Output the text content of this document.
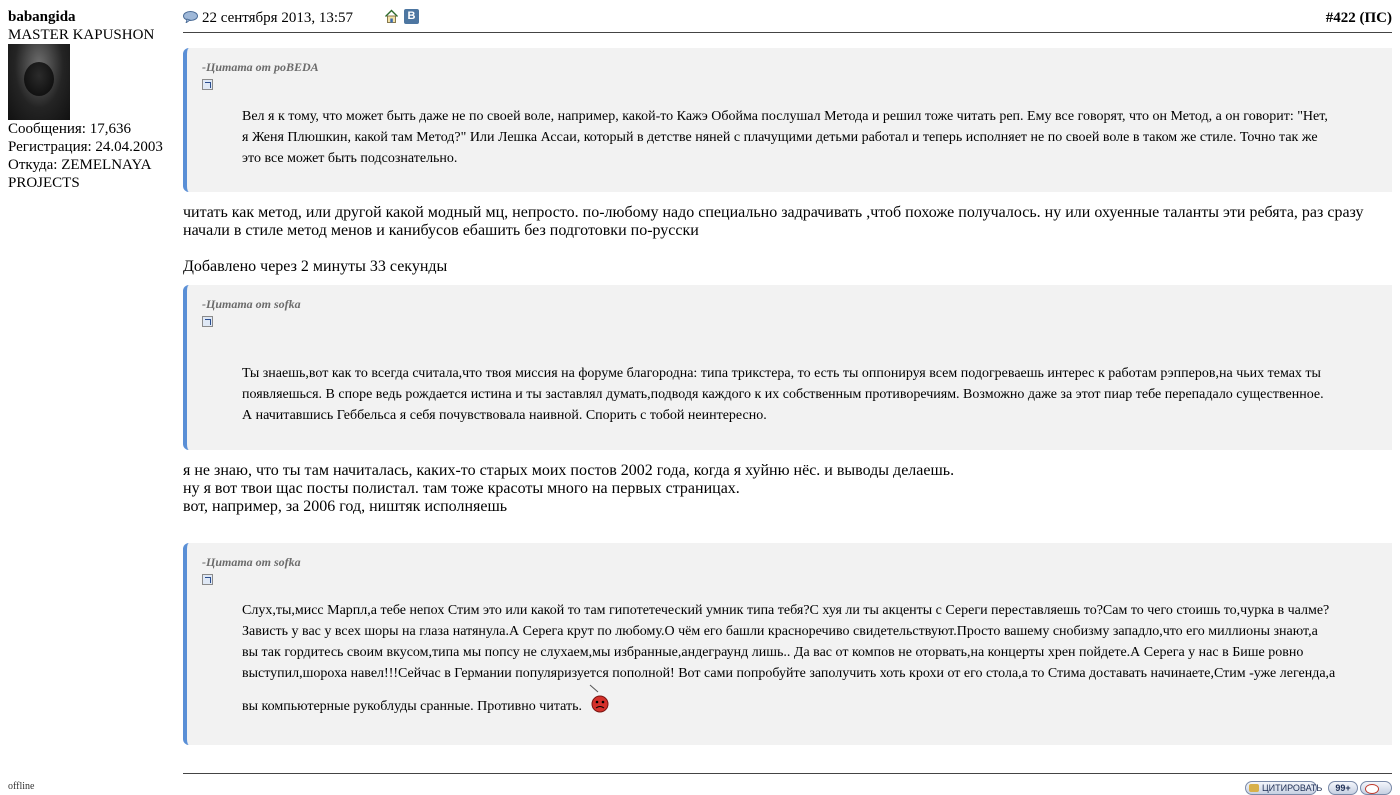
babangida
MASTER KAPUSHON
Сообщения: 17,636
Регистрация: 24.04.2003
Откуда: ZEMELNAYA PROJECTS
offline
22 сентября 2013, 13:57	B	#422 (ПС)
-Цитата от poBEDA
Вел я к тому, что может быть даже не по своей воле, например, какой-то Кажэ Обойма послушал Метода и решил тоже читать реп. Ему все говорят, что он Метод, а он говорит: "Нет, я Женя Плюшкин, какой там Метод?" Или Лешка Ассаи, который в детстве няней с плачущими детьми работал и теперь исполняет не по своей воле в таком же стиле. Точно так же это все может быть подсознательно.
читать как метод, или другой какой модный мц, непросто. по-любому надо специально задрачивать ,чтоб похоже получалось. ну или охуенные таланты эти ребята, раз сразу начали в стиле метод менов и канибусов ебашить без подготовки по-русски
Добавлено через 2 минуты 33 секунды
-Цитата от sofka
Ты знаешь,вот как то всегда считала,что твоя миссия на форуме благородна: типа трикстера, то есть ты оппонируя всем подогреваешь интерес к работам рэпперов,на чьих темах ты появляешься. В споре ведь рождается истина и ты заставлял думать,подводя каждого к их собственным противоречиям. Возможно даже за этот пиар тебе перепадало существенное. А начитавшись Геббельса я себя почувствовала наивной. Спорить с тобой неинтересно.
я не знаю, что ты там начиталась, каких-то старых моих постов 2002 года, когда я хуйню нёс. и выводы делаешь.
ну я вот твои щас посты полистал. там тоже красоты много на первых страницах.
вот, например, за 2006 год, ништяк исполняешь
-Цитата от sofka
Слух,ты,мисс Марпл,а тебе непох Стим это или какой то там гипотетеческий умник типа тебя?С хуя ли ты акценты с Сереги переставляешь то?Сам то чего стоишь то,чурка в чалме? Зависть у вас у всех шоры на глаза натянула.А Серега крут по любому.О чём его башли красноречиво свидетельствуют.Просто вашему снобизму западло,что его миллионы знают,а вы так гордитесь своим вкусом,типа мы попсу не слухаем,мы избранные,андеграунд лишь.. Да вас от компов не оторвать,на концерты хрен пойдете.А Серега у нас в Бише ровно выступил,шороха навел!!!Сейчас в Германии популяризуется пополной! Вот сами попробуйте заполучить хоть крохи от его стола,а то Стима доставать начинаете,Стим -уже легенда,а вы компьютерные рукоблуды сранные. Противно читать.
ЦИТИРОВАТЬ	99+
